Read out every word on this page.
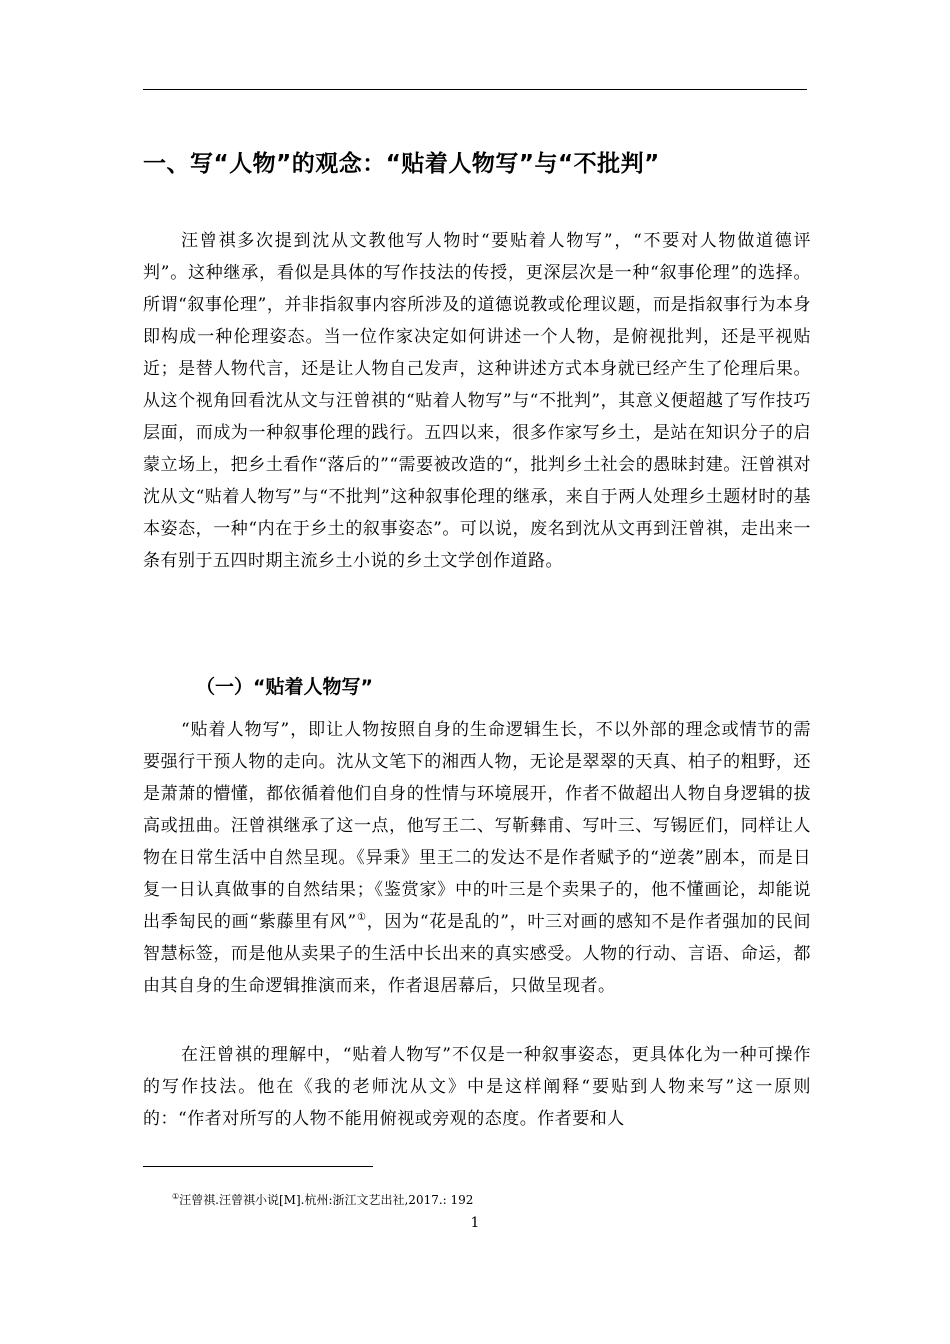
一、写“人物”的观念：“贴着人物写”与“不批判”

汪曾祺多次提到沈从文教他写人物时“要贴着人物写”，“不要对人物做道德评判”。这种继承，看似是具体的写作技法的传授，更深层次是一种“叙事伦理”的选择。所谓“叙事伦理”，并非指叙事内容所涉及的道德说教或伦理议题，而是指叙事行为本身即构成一种伦理姿态。当一位作家决定如何讲述一个人物，是俯视批判，还是平视贴近；是替人物代言，还是让人物自己发声，这种讲述方式本身就已经产生了伦理后果。从这个视角回看沈从文与汪曾祺的“贴着人物写”与“不批判”，其意义便超越了写作技巧层面，而成为一种叙事伦理的践行。五四以来，很多作家写乡土，是站在知识分子的启蒙立场上，把乡土看作“落后的”“需要被改造的“，批判乡土社会的愚昧封建。汪曾祺对沈从文“贴着人物写”与“不批判”这种叙事伦理的继承，来自于两人处理乡土题材时的基本姿态，一种“内在于乡土的叙事姿态”。可以说，废名到沈从文再到汪曾祺，走出来一条有别于五四时期主流乡土小说的乡土文学创作道路。

（一）“贴着人物写”

“贴着人物写”，即让人物按照自身的生命逻辑生长，不以外部的理念或情节的需要强行干预人物的走向。沈从文笔下的湘西人物，无论是翠翠的天真、柏子的粗野，还是萧萧的懵懂，都依循着他们自身的性情与环境展开，作者不做超出人物自身逻辑的拔高或扭曲。汪曾祺继承了这一点，他写王二、写靳彝甫、写叶三、写锡匠们，同样让人物在日常生活中自然呈现。《异秉》里王二的发达不是作者赋予的“逆袭”剧本，而是日复一日认真做事的自然结果；《鉴赏家》中的叶三是个卖果子的，他不懂画论，却能说出季匋民的画“紫藤里有风”①，因为“花是乱的”，叶三对画的感知不是作者强加的民间智慧标签，而是他从卖果子的生活中长出来的真实感受。人物的行动、言语、命运，都由其自身的生命逻辑推演而来，作者退居幕后，只做呈现者。

在汪曾祺的理解中，“贴着人物写”不仅是一种叙事姿态，更具体化为一种可操作的写作技法。他在《我的老师沈从文》中是这样阐释“要贴到人物来写”这一原则的：“作者对所写的人物不能用俯视或旁观的态度。作者要和人

①汪曾祺.汪曾祺小说[M].杭州:浙江文艺出社,2017.: 192

1
